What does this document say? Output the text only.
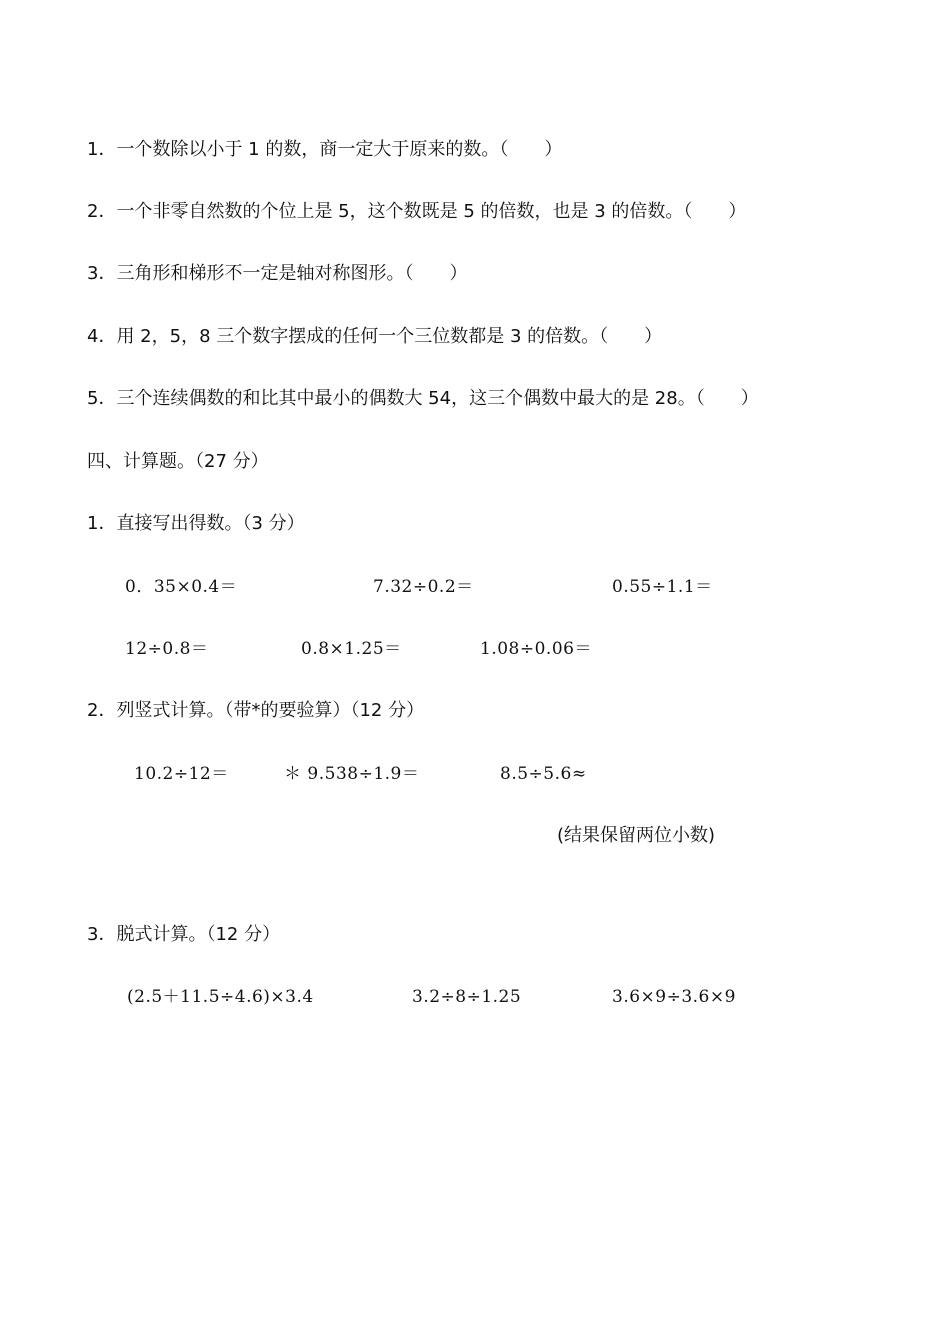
1．一个数除以小于 1 的数，商一定大于原来的数。（　　）
2．一个非零自然数的个位上是 5，这个数既是 5 的倍数，也是 3 的倍数。（　　）
3．三角形和梯形不一定是轴对称图形。（　　）
4．用 2，5，8 三个数字摆成的任何一个三位数都是 3 的倍数。（　　）
5．三个连续偶数的和比其中最小的偶数大 54，这三个偶数中最大的是 28。（　　）
四、计算题。（27 分）
1．直接写出得数。（3 分）
0．35×0.4＝	7.32÷0.2＝	0.55÷1.1＝
12÷0.8＝	0.8×1.25＝	1.08÷0.06＝
2．列竖式计算。（带*的要验算）（12 分）
10.2÷12＝	＊ 9.538÷1.9＝	8.5÷5.6≈
(结果保留两位小数)
3．脱式计算。（12 分）
(2.5＋11.5÷4.6)×3.4	3.2÷8÷1.25	3.6×9÷3.6×9
